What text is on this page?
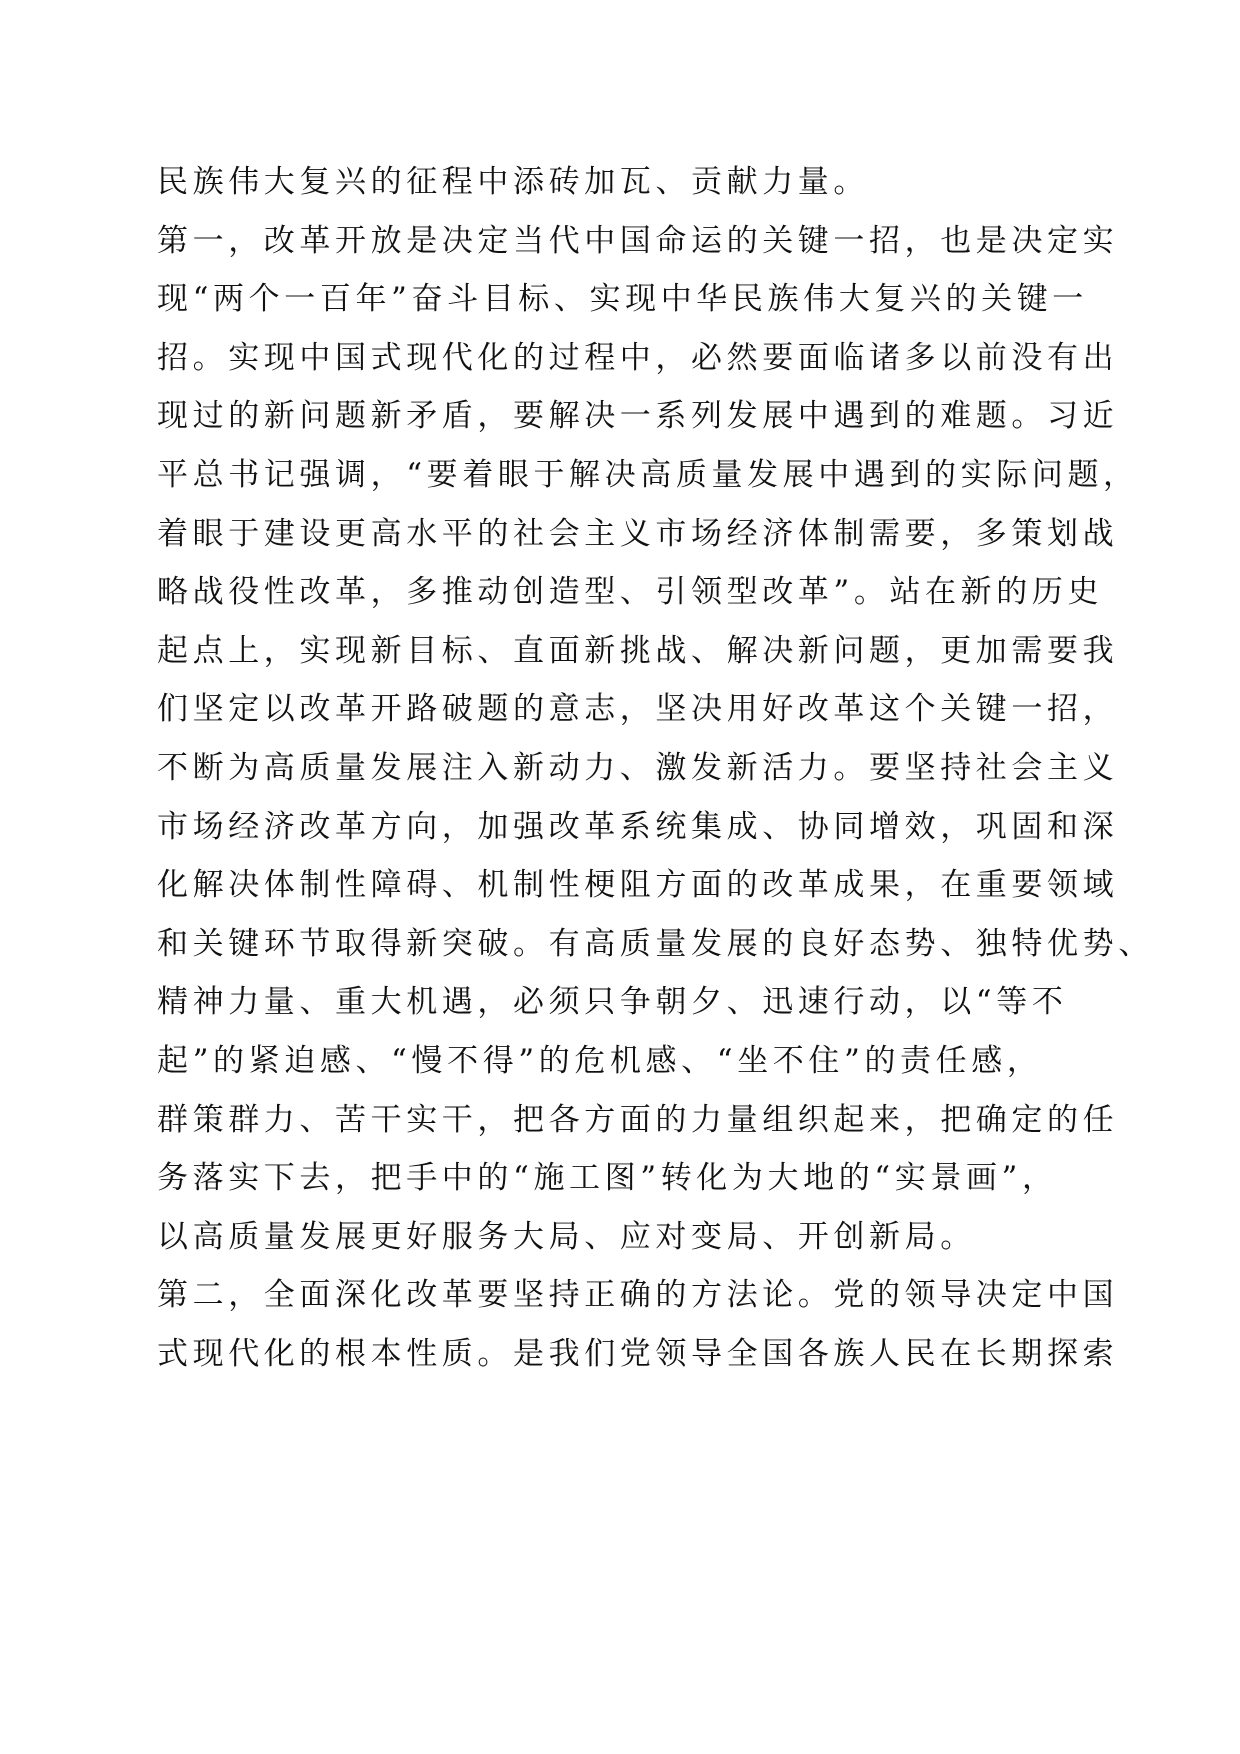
民族伟大复兴的征程中添砖加瓦、贡献力量。
第一，改革开放是决定当代中国命运的关键一招，也是决定实
现“两个一百年”奋斗目标、实现中华民族伟大复兴的关键一
招。实现中国式现代化的过程中，必然要面临诸多以前没有出
现过的新问题新矛盾，要解决一系列发展中遇到的难题。习近
平总书记强调，“要着眼于解决高质量发展中遇到的实际问题，
着眼于建设更高水平的社会主义市场经济体制需要，多策划战
略战役性改革，多推动创造型、引领型改革”。站在新的历史
起点上，实现新目标、直面新挑战、解决新问题，更加需要我
们坚定以改革开路破题的意志，坚决用好改革这个关键一招，
不断为高质量发展注入新动力、激发新活力。要坚持社会主义
市场经济改革方向，加强改革系统集成、协同增效，巩固和深
化解决体制性障碍、机制性梗阻方面的改革成果，在重要领域
和关键环节取得新突破。有高质量发展的良好态势、独特优势、
精神力量、重大机遇，必须只争朝夕、迅速行动，以“等不
起”的紧迫感、“慢不得”的危机感、“坐不住”的责任感，
群策群力、苦干实干，把各方面的力量组织起来，把确定的任
务落实下去，把手中的“施工图”转化为大地的“实景画”，
以高质量发展更好服务大局、应对变局、开创新局。
第二，全面深化改革要坚持正确的方法论。党的领导决定中国
式现代化的根本性质。是我们党领导全国各族人民在长期探索
